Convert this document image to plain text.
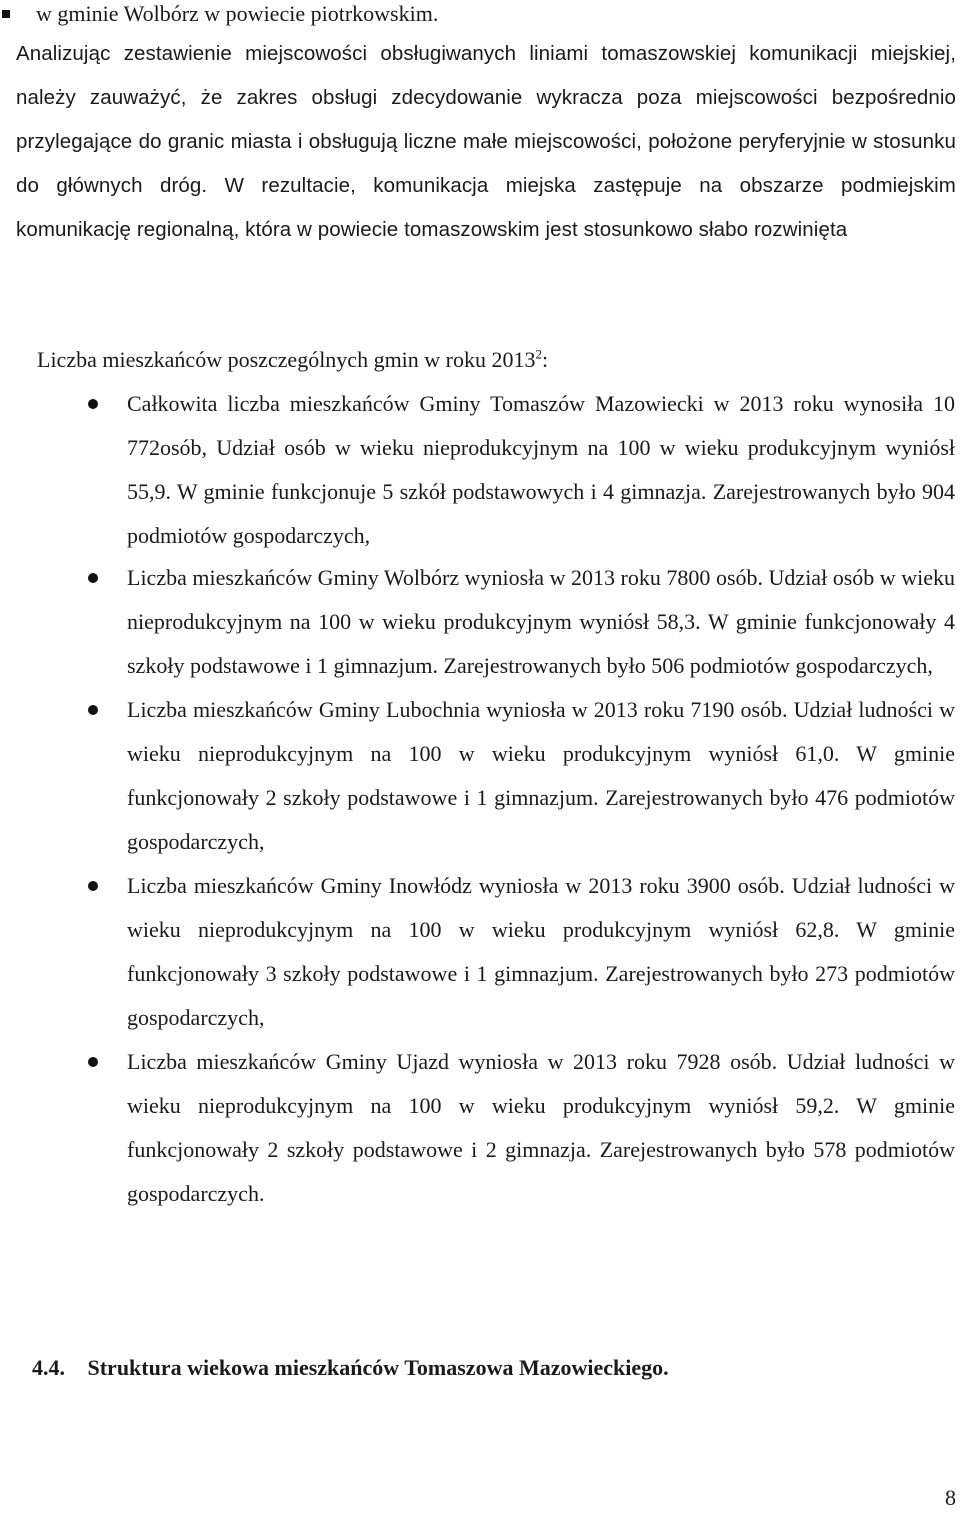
w gminie Wolbórz w powiecie piotrkowskim.

Analizując zestawienie miejscowości obsługiwanych liniami tomaszowskiej komunikacji miejskiej, należy zauważyć, że zakres obsługi zdecydowanie wykracza poza miejscowości bezpośrednio przylegające do granic miasta i obsługują liczne małe miejscowości, położone peryferyjnie w stosunku do głównych dróg. W rezultacie, komunikacja miejska zastępuje na obszarze podmiejskim komunikację regionalną, która w powiecie tomaszowskim jest stosunkowo słabo rozwinięta

Liczba mieszkańców poszczególnych gmin w roku 2013$^2$:

Całkowita liczba mieszkańców Gminy Tomaszów Mazowiecki w 2013 roku wynosiła 10 772osób, Udział osób w wieku nieprodukcyjnym na 100 w wieku produkcyjnym wyniósł 55,9. W gminie funkcjonuje 5 szkół podstawowych i 4 gimnazja. Zarejestrowanych było 904 podmiotów gospodarczych,
Liczba mieszkańców Gminy Wolbórz wyniosła w 2013 roku 7800 osób. Udział osób w wieku nieprodukcyjnym na 100 w wieku produkcyjnym wyniósł 58,3. W gminie funkcjonowały 4 szkoły podstawowe i 1 gimnazjum. Zarejestrowanych było 506 podmiotów gospodarczych,
Liczba mieszkańców Gminy Lubochnia wyniosła w 2013 roku 7190 osób. Udział ludności w wieku nieprodukcyjnym na 100 w wieku produkcyjnym wyniósł 61,0. W gminie funkcjonowały 2 szkoły podstawowe i 1 gimnazjum. Zarejestrowanych było 476 podmiotów gospodarczych,
Liczba mieszkańców Gminy Inowłódz wyniosła w 2013 roku 3900 osób. Udział ludności w wieku nieprodukcyjnym na 100 w wieku produkcyjnym wyniósł 62,8. W gminie funkcjonowały 3 szkoły podstawowe i 1 gimnazjum. Zarejestrowanych było 273 podmiotów gospodarczych,
Liczba mieszkańców Gminy Ujazd wyniosła w 2013 roku 7928 osób. Udział ludności w wieku nieprodukcyjnym na 100 w wieku produkcyjnym wyniósł 59,2. W gminie funkcjonowały 2 szkoły podstawowe i 2 gimnazja. Zarejestrowanych było 578 podmiotów gospodarczych.
4.4. Struktura wiekowa mieszkańców Tomaszowa Mazowieckiego.
8
